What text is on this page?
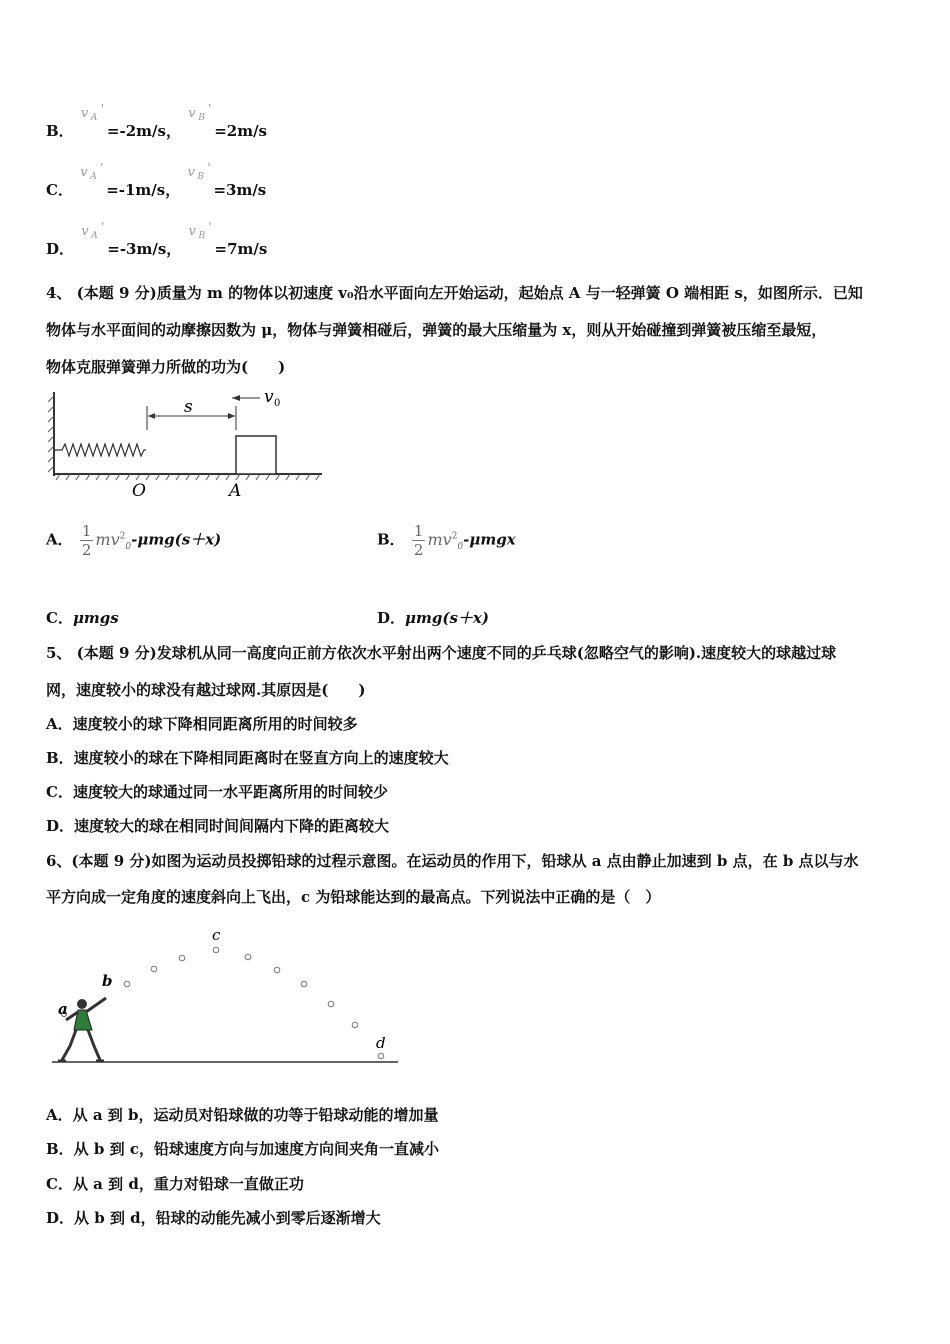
B．
v A
'
=-2m/s，
v B
'
=2m/s
C．
v A
'
=-1m/s，
v B
'
=3m/s
D．
v A
'
=-3m/s，
v B
'
=7m/s
4、 (本题 9 分)质量为 m 的物体以初速度 v₀沿水平面向左开始运动，起始点 A 与一轻弹簧 O 端相距 s，如图所示．已知
物体与水平面间的动摩擦因数为 μ，物体与弹簧相碰后，弹簧的最大压缩量为 x，则从开始碰撞到弹簧被压缩至最短，
物体克服弹簧弹力所做的功为(　　)
s	v 0
O	A
A． $\frac{1}{2} mv^2_0-\mu mg(s+x)$	B． $\frac{1}{2} mv^2_0-\mu mgx$
C．μmgs	D．μmg(s＋x)
5、 (本题 9 分)发球机从同一高度向正前方依次水平射出两个速度不同的乒乓球(忽略空气的影响).速度较大的球越过球
网，速度较小的球没有越过球网.其原因是(　　)
A．速度较小的球下降相同距离所用的时间较多
B．速度较小的球在下降相同距离时在竖直方向上的速度较大
C．速度较大的球通过同一水平距离所用的时间较少
D．速度较大的球在相同时间间隔内下降的距离较大
6、(本题 9 分)如图为运动员投掷铅球的过程示意图。在运动员的作用下，铅球从 a 点由静止加速到 b 点，在 b 点以与水
平方向成一定角度的速度斜向上飞出，c 为铅球能达到的最高点。下列说法中正确的是（　）
a
b
c
d
A．从 a 到 b，运动员对铅球做的功等于铅球动能的增加量
B．从 b 到 c，铅球速度方向与加速度方向间夹角一直减小
C．从 a 到 d，重力对铅球一直做正功
D．从 b 到 d，铅球的动能先减小到零后逐渐增大
